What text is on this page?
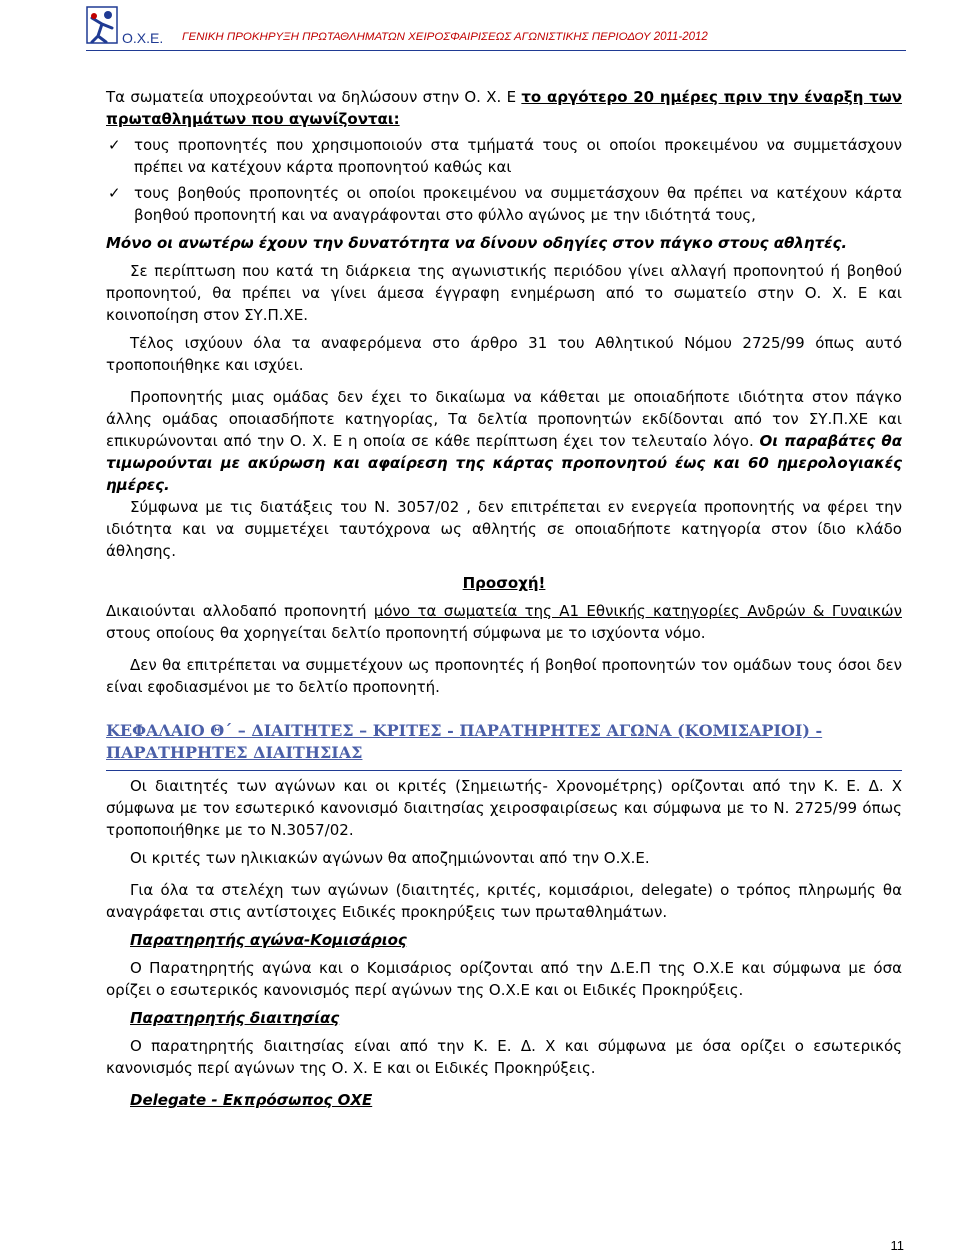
Ο.Χ.Ε. ΓΕΝΙΚΗ ΠΡΟΚΗΡΥΞΗ ΠΡΩΤΑΘΛΗΜΑΤΩΝ ΧΕΙΡΟΣΦΑΙΡΙΣΕΩΣ ΑΓΩΝΙΣΤΙΚΗΣ ΠΕΡΙΟΔΟΥ 2011-2012

Τα σωματεία υποχρεούνται να δηλώσουν στην Ο. Χ. Ε το αργότερο 20 ημέρες πριν την έναρξη των πρωταθλημάτων που αγωνίζονται:

✓ τους προπονητές που χρησιμοποιούν στα τμήματά τους οι οποίοι προκειμένου να συμμετάσχουν πρέπει να κατέχουν κάρτα προπονητού καθώς και

✓ τους βοηθούς προπονητές οι οποίοι προκειμένου να συμμετάσχουν θα πρέπει να κατέχουν κάρτα βοηθού προπονητή και να αναγράφονται στο φύλλο αγώνος με την ιδιότητά τους,

Μόνο οι ανωτέρω έχουν την δυνατότητα να δίνουν οδηγίες στον πάγκο στους αθλητές.

Σε περίπτωση που κατά τη διάρκεια της αγωνιστικής περιόδου γίνει αλλαγή προπονητού ή βοηθού προπονητού, θα πρέπει να γίνει άμεσα έγγραφη ενημέρωση από το σωματείο στην Ο. Χ. Ε και κοινοποίηση στον ΣΥ.Π.ΧΕ.

Τέλος ισχύουν όλα τα αναφερόμενα στο άρθρο 31 του Αθλητικού Νόμου 2725/99 όπως αυτό τροποποιήθηκε και ισχύει.

Προπονητής μιας ομάδας δεν έχει το δικαίωμα να κάθεται με οποιαδήποτε ιδιότητα στον πάγκο άλλης ομάδας οποιασδήποτε κατηγορίας, Τα δελτία προπονητών εκδίδονται από τον ΣΥ.Π.ΧΕ και επικυρώνονται από την Ο. Χ. Ε η οποία σε κάθε περίπτωση έχει τον τελευταίο λόγο. Οι παραβάτες θα τιμωρούνται με ακύρωση και αφαίρεση της κάρτας προπονητού έως και 60 ημερολογιακές ημέρες.

Σύμφωνα με τις διατάξεις του Ν. 3057/02 , δεν επιτρέπεται εν ενεργεία προπονητής να φέρει την ιδιότητα και να συμμετέχει ταυτόχρονα ως αθλητής σε οποιαδήποτε κατηγορία στον ίδιο κλάδο άθλησης.

Προσοχή!

Δικαιούνται αλλοδαπό προπονητή μόνο τα σωματεία της Α1 Εθνικής κατηγορίες Ανδρών & Γυναικών στους οποίους θα χορηγείται δελτίο προπονητή σύμφωνα με το ισχύοντα νόμο.

Δεν θα επιτρέπεται να συμμετέχουν ως προπονητές ή βοηθοί προπονητών τον ομάδων τους όσοι δεν είναι εφοδιασμένοι με το δελτίο προπονητή.

ΚΕΦΑΛΑΙΟ Θ΄ – ΔΙΑΙΤΗΤΕΣ – ΚΡΙΤΕΣ - ΠΑΡΑΤΗΡΗΤΕΣ ΑΓΩΝΑ (ΚΟΜΙΣΑΡΙΟΙ) - ΠΑΡΑΤΗΡΗΤΕΣ ΔΙΑΙΤΗΣΙΑΣ

Οι διαιτητές των αγώνων και οι κριτές (Σημειωτής- Χρονομέτρης) ορίζονται από την Κ. Ε. Δ. Χ σύμφωνα με τον εσωτερικό κανονισμό διαιτησίας χειροσφαιρίσεως και σύμφωνα με το Ν. 2725/99 όπως τροποποιήθηκε με το Ν.3057/02.

Οι κριτές των ηλικιακών αγώνων θα αποζημιώνονται από την Ο.Χ.Ε.

Για όλα τα στελέχη των αγώνων (διαιτητές, κριτές, κομισάριοι, delegate) ο τρόπος πληρωμής θα αναγράφεται στις αντίστοιχες Ειδικές προκηρύξεις των πρωταθλημάτων.

Παρατηρητής αγώνα-Κομισάριος

Ο Παρατηρητής αγώνα και ο Κομισάριος ορίζονται από την Δ.Ε.Π της Ο.Χ.Ε και σύμφωνα με όσα ορίζει ο εσωτερικός κανονισμός περί αγώνων της Ο.Χ.Ε και οι Ειδικές Προκηρύξεις.

Παρατηρητής διαιτησίας

Ο παρατηρητής διαιτησίας είναι από την Κ. Ε. Δ. Χ και σύμφωνα με όσα ορίζει ο εσωτερικός κανονισμός περί αγώνων της Ο. Χ. Ε και οι Ειδικές Προκηρύξεις.

Delegate - Εκπρόσωπος ΟΧΕ

11
